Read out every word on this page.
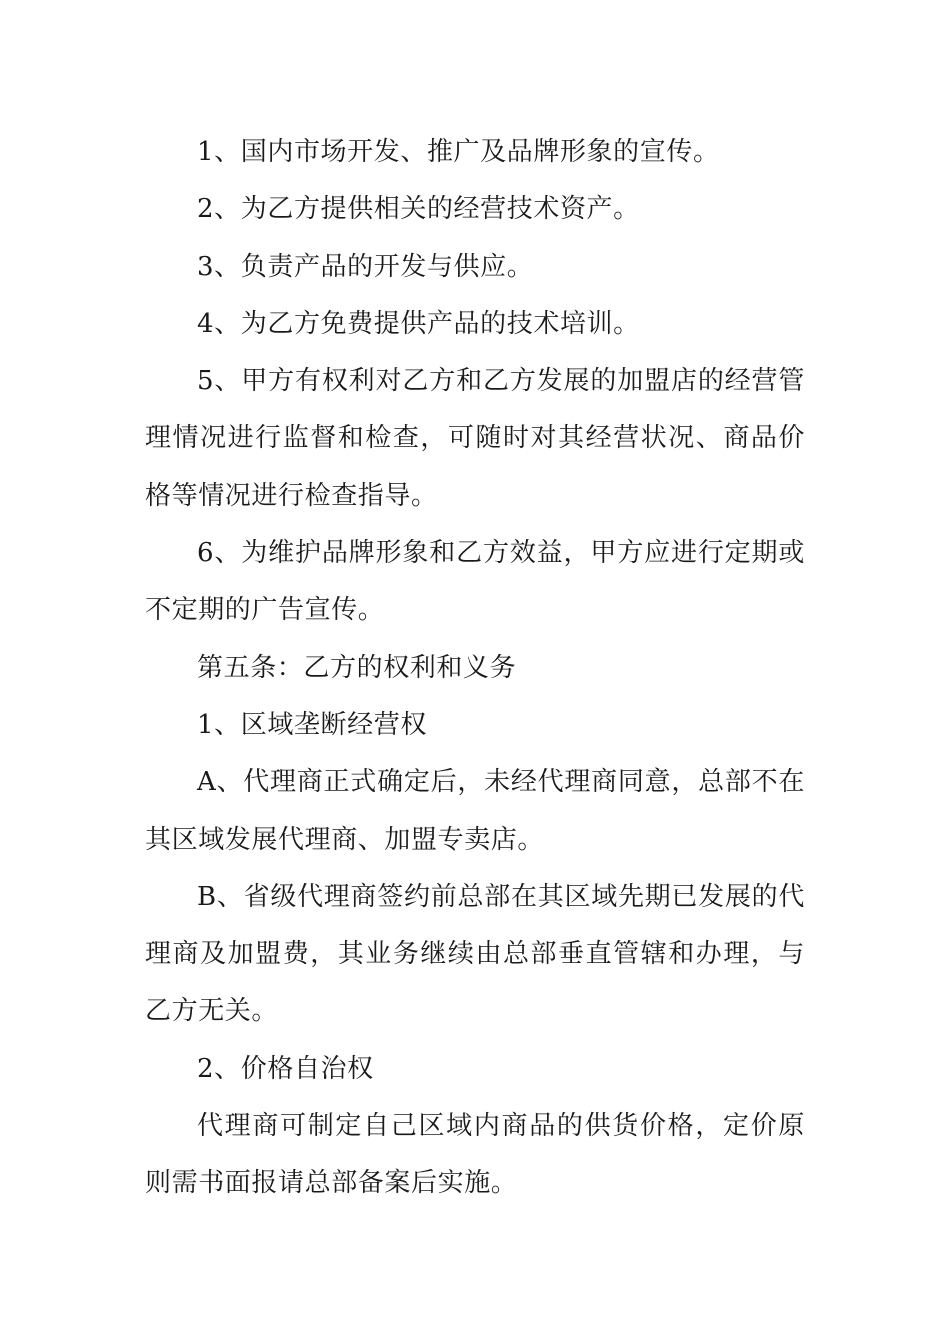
1、国内市场开发、推广及品牌形象的宣传。

2、为乙方提供相关的经营技术资产。

3、负责产品的开发与供应。

4、为乙方免费提供产品的技术培训。

5、甲方有权利对乙方和乙方发展的加盟店的经营管理情况进行监督和检查，可随时对其经营状况、商品价格等情况进行检查指导。

6、为维护品牌形象和乙方效益，甲方应进行定期或不定期的广告宣传。

第五条：乙方的权利和义务

1、区域垄断经营权

A、代理商正式确定后，未经代理商同意，总部不在其区域发展代理商、加盟专卖店。

B、省级代理商签约前总部在其区域先期已发展的代理商及加盟费，其业务继续由总部垂直管辖和办理，与乙方无关。

2、价格自治权

代理商可制定自己区域内商品的供货价格，定价原则需书面报请总部备案后实施。
